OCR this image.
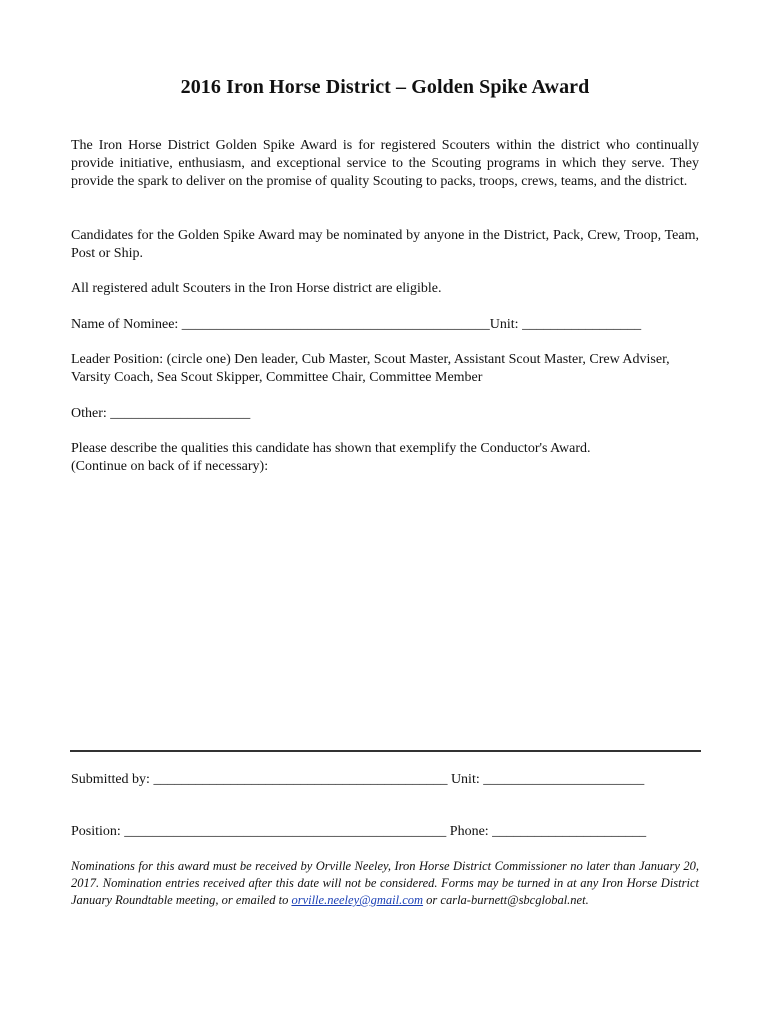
2016 Iron Horse District – Golden Spike Award

The Iron Horse District Golden Spike Award is for registered Scouters within the district who continually provide initiative, enthusiasm, and exceptional service to the Scouting programs in which they serve. They provide the spark to deliver on the promise of quality Scouting to packs, troops, crews, teams, and the district.

Candidates for the Golden Spike Award may be nominated by anyone in the District, Pack, Crew, Troop, Team, Post or Ship.

All registered adult Scouters in the Iron Horse district are eligible.

Name of Nominee: ____________________________________________Unit: _________________

Leader Position: (circle one) Den leader, Cub Master, Scout Master, Assistant Scout Master, Crew Adviser, Varsity Coach, Sea Scout Skipper, Committee Chair, Committee Member

Other: ____________________
Please describe the qualities this candidate has shown that exemplify the Conductor's Award.
(Continue on back of if necessary):
Submitted by: __________________________________________ Unit: _______________________
Position: ______________________________________________ Phone: ______________________

Nominations for this award must be received by Orville Neeley, Iron Horse District Commissioner no later than January 20, 2017. Nomination entries received after this date will not be considered. Forms may be turned in at any Iron Horse District January Roundtable meeting, or emailed to orville.neeley@gmail.com or carla-burnett@sbcglobal.net.
